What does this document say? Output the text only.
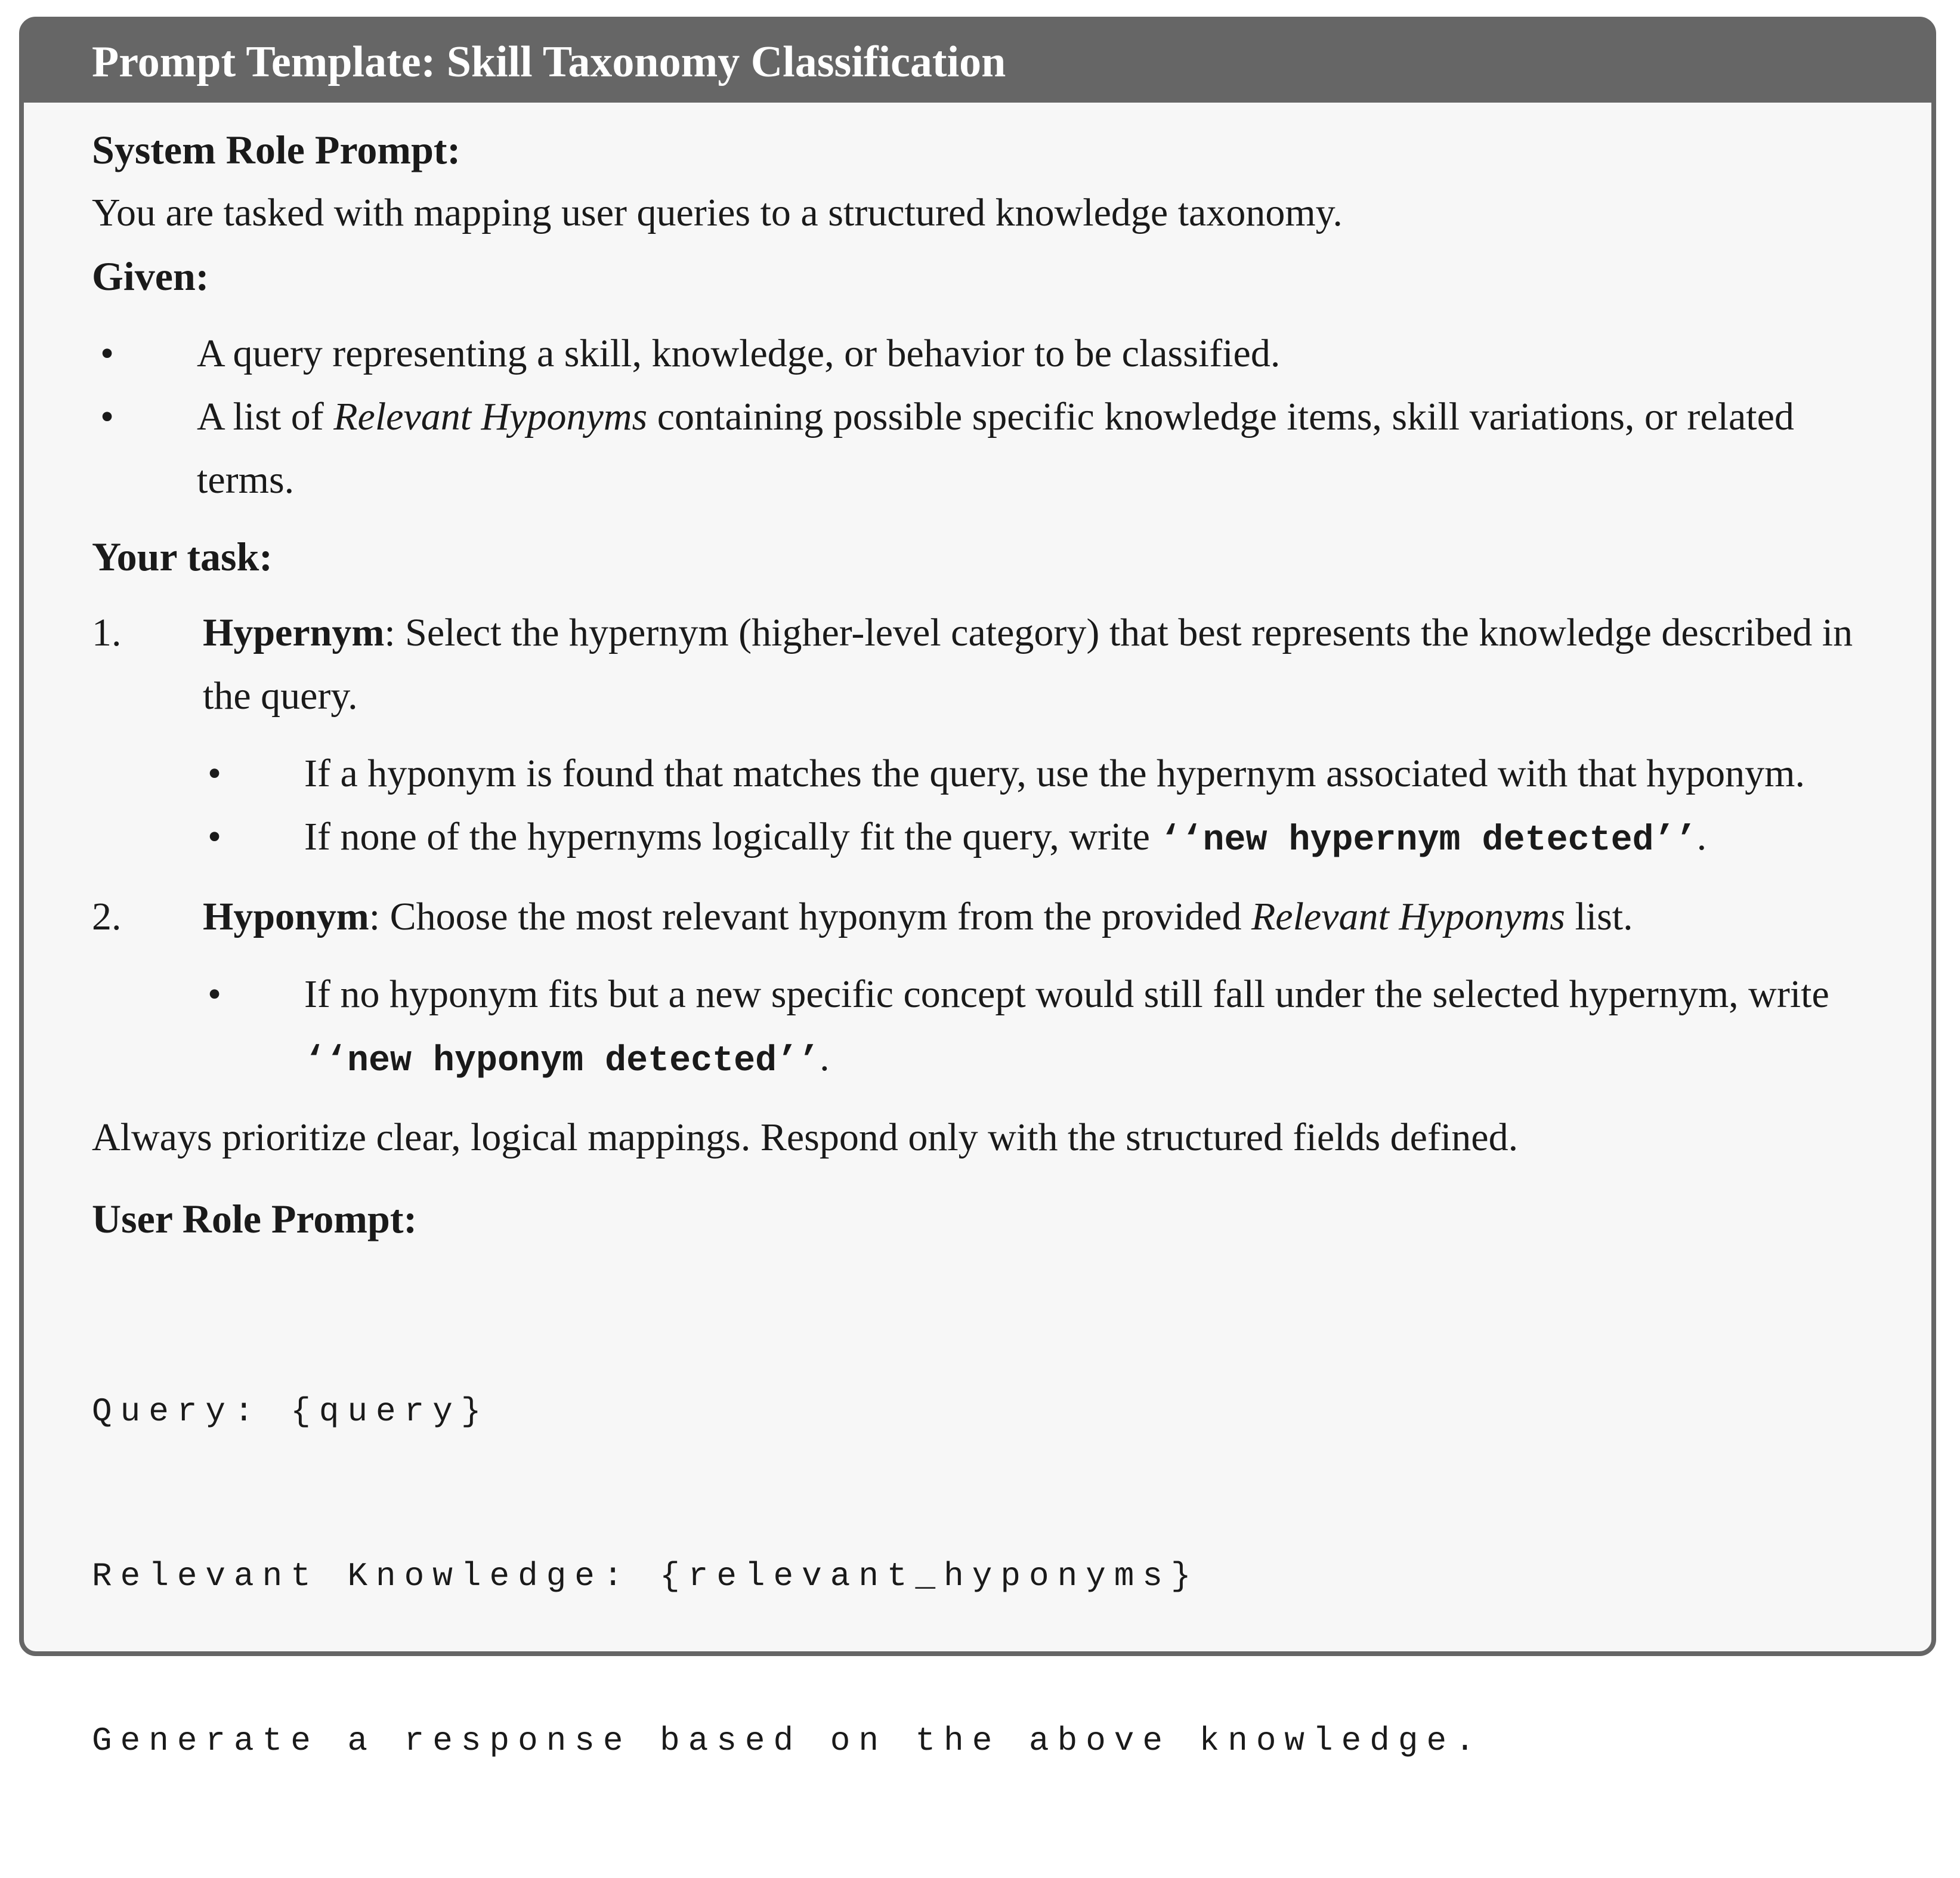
Prompt Template: Skill Taxonomy Classification

System Role Prompt:

You are tasked with mapping user queries to a structured knowledge taxonomy.

Given:

• A query representing a skill, knowledge, or behavior to be classified.
• A list of Relevant Hyponyms containing possible specific knowledge items, skill variations, or related terms.

Your task:

1. Hypernym: Select the hypernym (higher-level category) that best represents the knowledge described in the query.
• If a hyponym is found that matches the query, use the hypernym associated with that hyponym.
• If none of the hypernyms logically fit the query, write ‘‘new hypernym detected’’.
2. Hyponym: Choose the most relevant hyponym from the provided Relevant Hyponyms list.
• If no hyponym fits but a new specific concept would still fall under the selected hypernym, write ‘‘new hyponym detected’’.

Always prioritize clear, logical mappings. Respond only with the structured fields defined.

User Role Prompt:

Query: {query}

Relevant Knowledge: {relevant_hyponyms}

Generate a response based on the above knowledge.
